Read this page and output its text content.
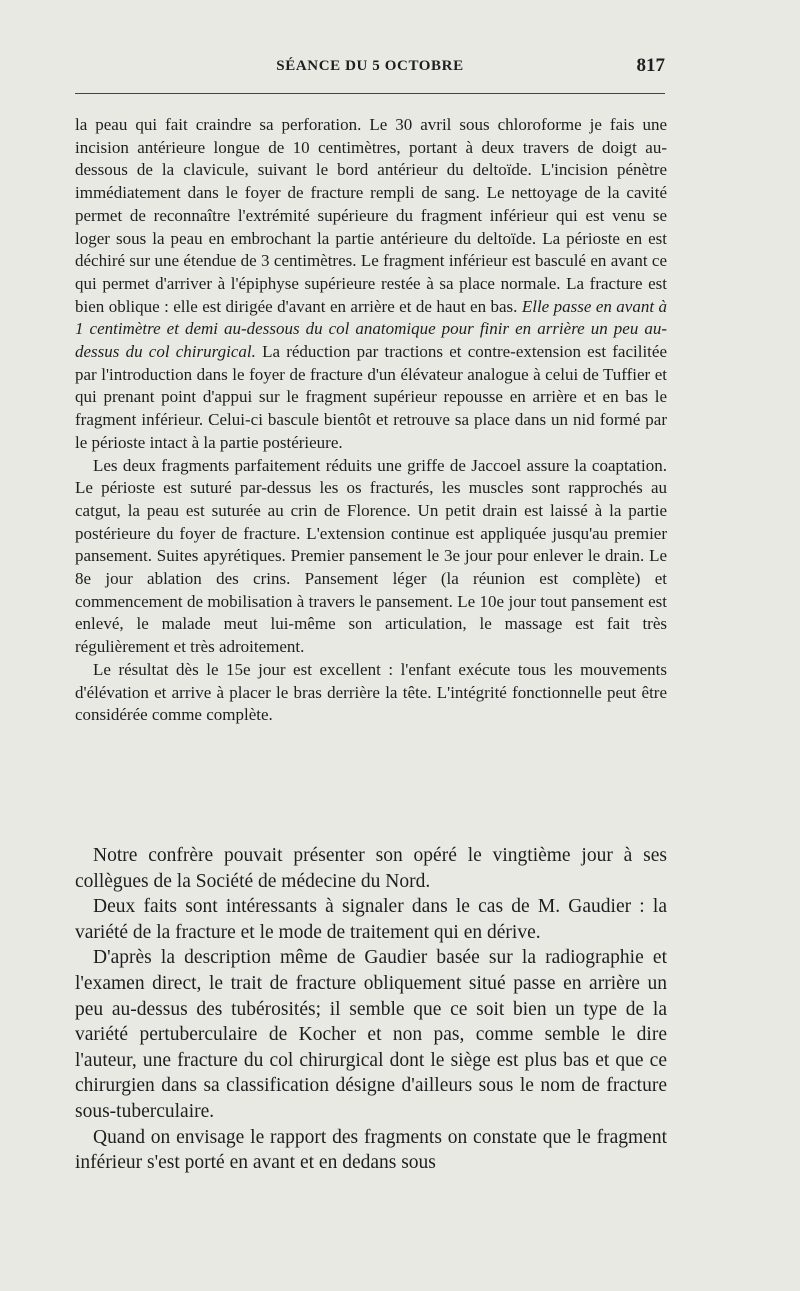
SÉANCE DU 5 OCTOBRE	817

la peau qui fait craindre sa perforation. Le 30 avril sous chloroforme je fais une incision antérieure longue de 10 centimètres, portant à deux travers de doigt au-dessous de la clavicule, suivant le bord antérieur du deltoïde. L'incision pénètre immédiatement dans le foyer de fracture rempli de sang. Le nettoyage de la cavité permet de reconnaître l'extrémité supérieure du fragment inférieur qui est venu se loger sous la peau en embrochant la partie antérieure du deltoïde. La périoste en est déchiré sur une étendue de 3 centimètres. Le fragment inférieur est basculé en avant ce qui permet d'arriver à l'épiphyse supérieure restée à sa place normale. La fracture est bien oblique : elle est dirigée d'avant en arrière et de haut en bas. Elle passe en avant à 1 centimètre et demi au-dessous du col anatomique pour finir en arrière un peu au-dessus du col chirurgical. La réduction par tractions et contre-extension est facilitée par l'introduction dans le foyer de fracture d'un élévateur analogue à celui de Tuffier et qui prenant point d'appui sur le fragment supérieur repousse en arrière et en bas le fragment inférieur. Celui-ci bascule bientôt et retrouve sa place dans un nid formé par le périoste intact à la partie postérieure.

Les deux fragments parfaitement réduits une griffe de Jaccoel assure la coaptation. Le périoste est suturé par-dessus les os fracturés, les muscles sont rapprochés au catgut, la peau est suturée au crin de Florence. Un petit drain est laissé à la partie postérieure du foyer de fracture. L'extension continue est appliquée jusqu'au premier pansement. Suites apyrétiques. Premier pansement le 3e jour pour enlever le drain. Le 8e jour ablation des crins. Pansement léger (la réunion est complète) et commencement de mobilisation à travers le pansement. Le 10e jour tout pansement est enlevé, le malade meut lui-même son articulation, le massage est fait très régulièrement et très adroitement.

Le résultat dès le 15e jour est excellent : l'enfant exécute tous les mouvements d'élévation et arrive à placer le bras derrière la tête. L'intégrité fonctionnelle peut être considérée comme complète.

Notre confrère pouvait présenter son opéré le vingtième jour à ses collègues de la Société de médecine du Nord.

Deux faits sont intéressants à signaler dans le cas de M. Gaudier : la variété de la fracture et le mode de traitement qui en dérive.

D'après la description même de Gaudier basée sur la radiographie et l'examen direct, le trait de fracture obliquement situé passe en arrière un peu au-dessus des tubérosités; il semble que ce soit bien un type de la variété pertuberculaire de Kocher et non pas, comme semble le dire l'auteur, une fracture du col chirurgical dont le siège est plus bas et que ce chirurgien dans sa classification désigne d'ailleurs sous le nom de fracture sous-tuberculaire.

Quand on envisage le rapport des fragments on constate que le fragment inférieur s'est porté en avant et en dedans sous
